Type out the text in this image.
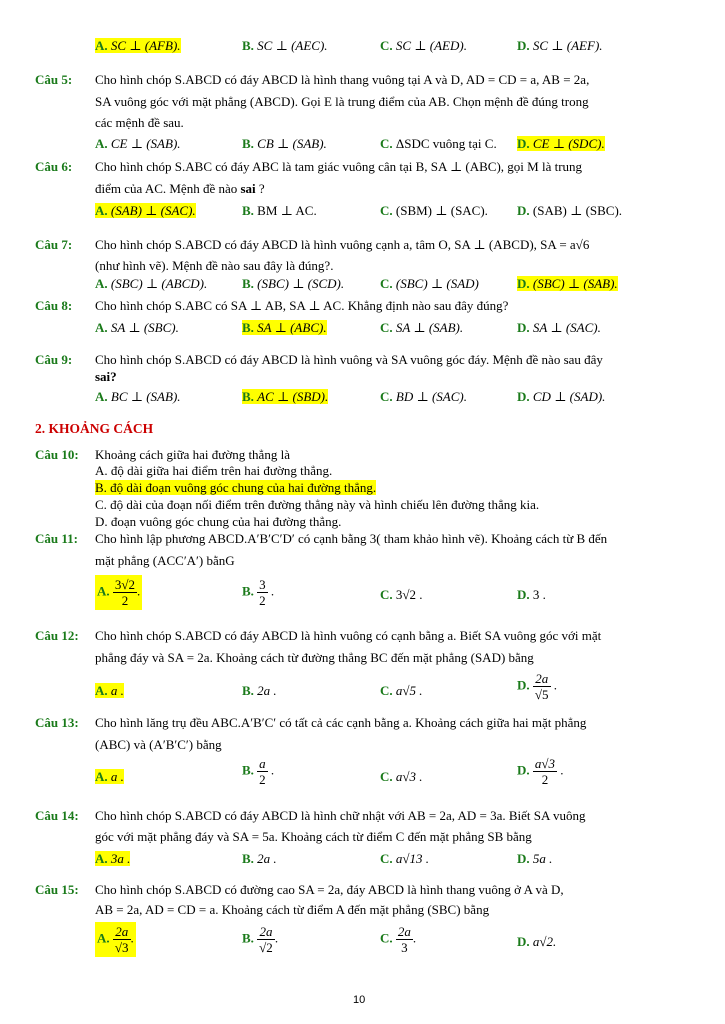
A. SC ⊥ (AFB).	B. SC ⊥ (AEC).	C. SC ⊥ (AED).	D. SC ⊥ (AEF).
Câu 5: Cho hình chóp S.ABCD có đáy ABCD là hình thang vuông tại A và D, AD = CD = a, AB = 2a,
SA vuông góc với mặt phẳng (ABCD). Gọi E là trung điểm của AB. Chọn mệnh đề đúng trong
các mệnh đề sau.
A. CE ⊥ (SAB).	B. CB ⊥ (SAB).	C. ΔSDC vuông tại C. D. CE ⊥ (SDC).
Câu 6: Cho hình chóp S.ABC có đáy ABC là tam giác vuông cân tại B, SA ⊥ (ABC), gọi M là trung
điểm của AC. Mệnh đề nào sai ?
A. (SAB) ⊥ (SAC).	B. BM ⊥ AC.	C. (SBM) ⊥ (SAC). D. (SAB) ⊥ (SBC).
Câu 7: Cho hình chóp S.ABCD có đáy ABCD là hình vuông cạnh a, tâm O, SA ⊥ (ABCD), SA = a√6
(như hình vẽ). Mệnh đề nào sau đây là đúng?.
A. (SBC) ⊥ (ABCD).	B. (SBC) ⊥ (SCD).	C. (SBC) ⊥ (SAD)	D. (SBC) ⊥ (SAB).
Câu 8: Cho hình chóp S.ABC có SA ⊥ AB, SA ⊥ AC. Khẳng định nào sau đây đúng?
A. SA ⊥ (SBC).	B. SA ⊥ (ABC).	C. SA ⊥ (SAB).	D. SA ⊥ (SAC).
Câu 9: Cho hình chóp S.ABCD có đáy ABCD là hình vuông và SA vuông góc đáy. Mệnh đề nào sau đây
sai?
A. BC ⊥ (SAB).	B. AC ⊥ (SBD).	C. BD ⊥ (SAC).	D. CD ⊥ (SAD).
2. KHOẢNG CÁCH
Câu 10: Khoảng cách giữa hai đường thẳng là
A. độ dài giữa hai điểm trên hai đường thẳng.
B. độ dài đoạn vuông góc chung của hai đường thẳng.
C. độ dài của đoạn nối điểm trên đường thẳng này và hình chiếu lên đường thẳng kia.
D. đoạn vuông góc chung của hai đường thẳng.
Câu 11: Cho hình lập phương ABCD.A′B′C′D′ có cạnh bằng 3( tham khảo hình vẽ). Khoảng cách từ B đến
mặt phẳng (ACC′A′) bằnG
A. $\frac{3√2}{2}$ .	B. $\frac{3}{2}$ .	C. 3√2 .	D. 3 .
Câu 12: Cho hình chóp S.ABCD có đáy ABCD là hình vuông có cạnh bằng a. Biết SA vuông góc với mặt
phẳng đáy và SA = 2a. Khoảng cách từ đường thẳng BC đến mặt phẳng (SAD) bằng
A. a .	B. 2a .	C. a√5 .	D. $\frac{2a}{√5}$ .
Câu 13: Cho hình lăng trụ đều ABC.A′B′C′ có tất cả các cạnh bằng a. Khoảng cách giữa hai mặt phẳng
(ABC) và (A′B′C′) bằng
A. a .	B. $\frac{a}{2}$ .	C. a√3 .	D. $\frac{a√3}{2}$ .
Câu 14: Cho hình chóp S.ABCD có đáy ABCD là hình chữ nhật với AB = 2a, AD = 3a. Biết SA vuông
góc với mặt phẳng đáy và SA = 5a. Khoảng cách từ điểm C đến mặt phẳng SB bằng
A. 3a .	B. 2a .	C. a√13 .	D. 5a .
Câu 15: Cho hình chóp S.ABCD có đường cao SA = 2a, đáy ABCD là hình thang vuông ở A và D,
AB = 2a, AD = CD = a. Khoảng cách từ điểm A đến mặt phẳng (SBC) bằng
A. $\frac{2a}{√3}$ .	B. $\frac{2a}{√2}$ .	C. $\frac{2a}{3}$ .	D. a√2.
10
